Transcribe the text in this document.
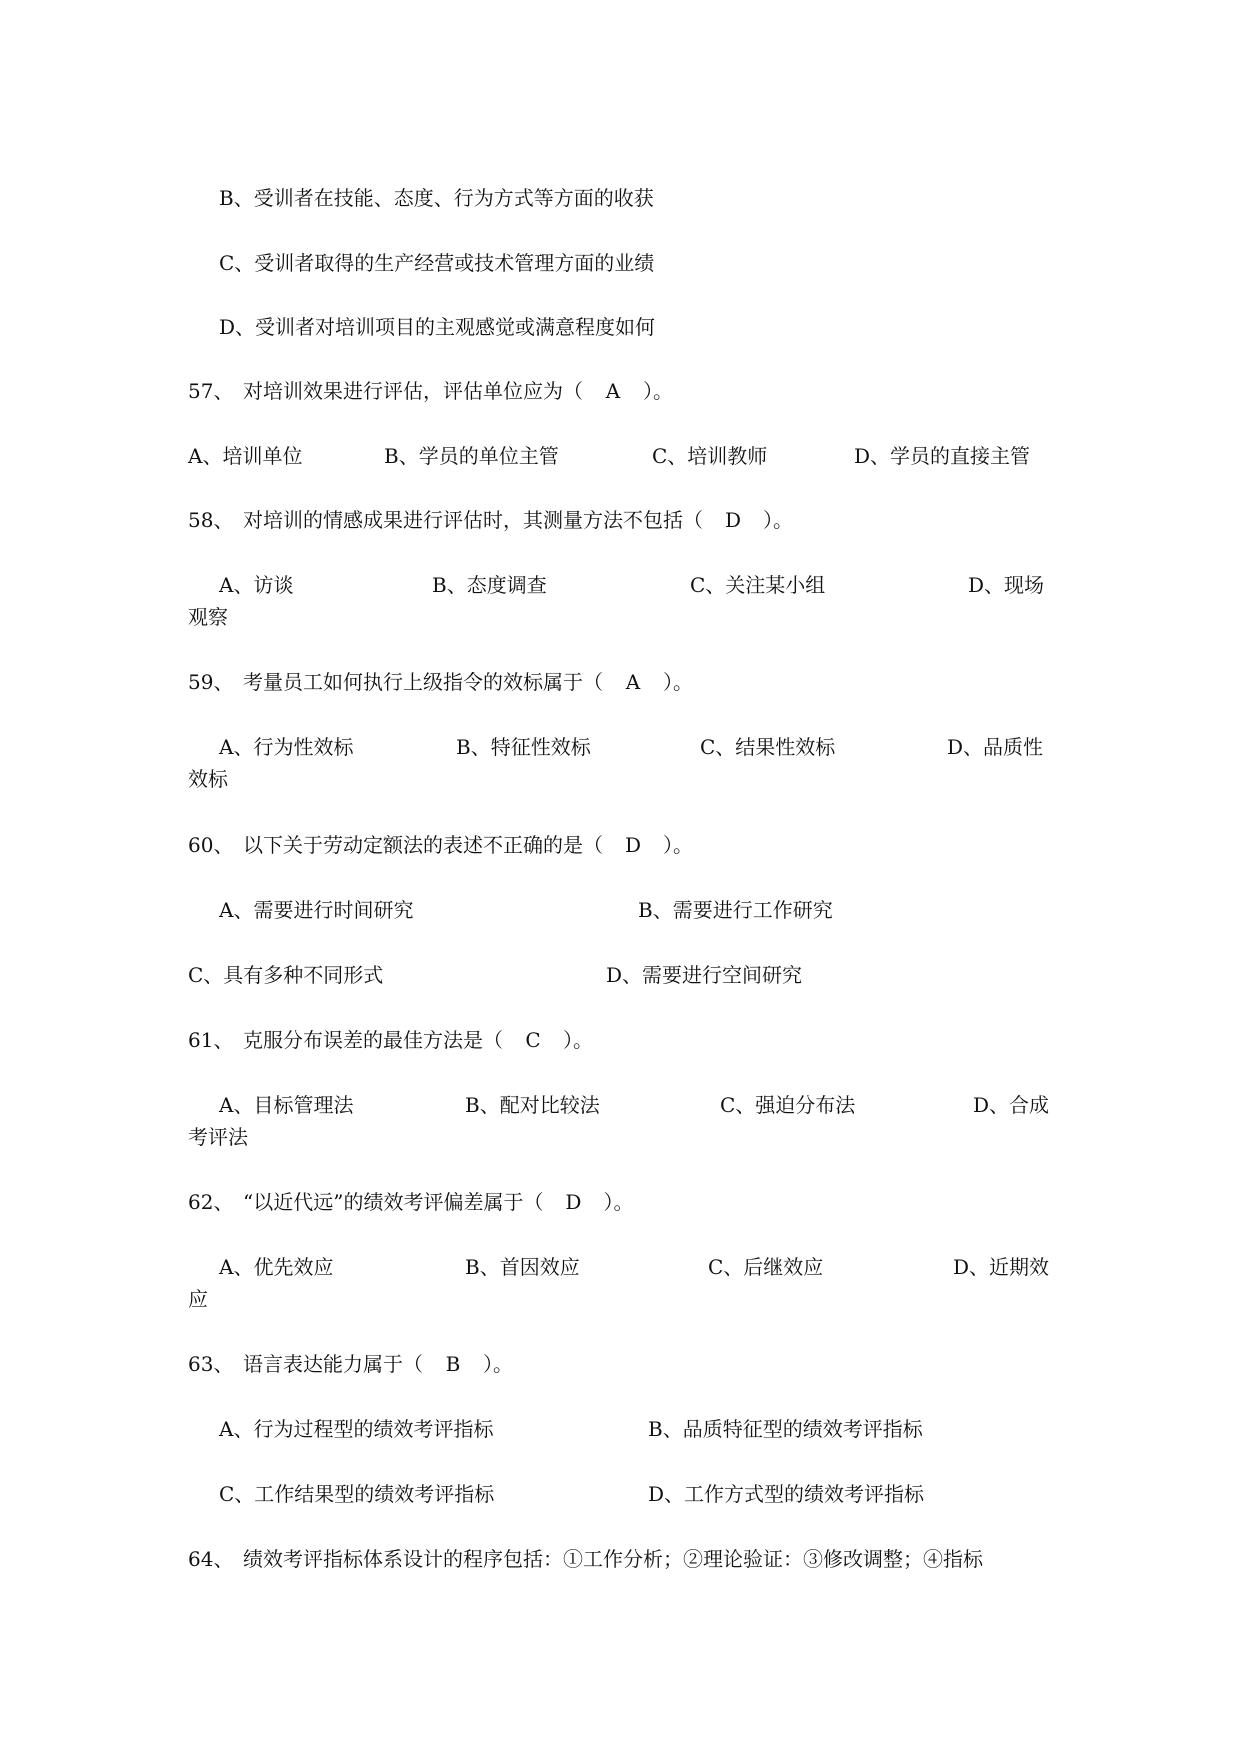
B、受训者在技能、态度、行为方式等方面的收获
C、受训者取得的生产经营或技术管理方面的业绩
D、受训者对培训项目的主观感觉或满意程度如何
57、 对培训效果进行评估，评估单位应为（ A ）。
A、培训单位	B、学员的单位主管	C、培训教师	D、学员的直接主管
58、 对培训的情感成果进行评估时，其测量方法不包括（ D ）。
A、访谈	B、态度调查	C、关注某小组	D、现场
观察
59、 考量员工如何执行上级指令的效标属于（ A ）。
A、行为性效标	B、特征性效标	C、结果性效标	D、品质性
效标
60、 以下关于劳动定额法的表述不正确的是（ D ）。
A、需要进行时间研究	B、需要进行工作研究
C、具有多种不同形式	D、需要进行空间研究
61、 克服分布误差的最佳方法是（ C ）。
A、目标管理法	B、配对比较法	C、强迫分布法	D、合成
考评法
62、 “以近代远”的绩效考评偏差属于（ D ）。
A、优先效应	B、首因效应	C、后继效应	D、近期效
应
63、 语言表达能力属于（ B ）。
A、行为过程型的绩效考评指标	B、品质特征型的绩效考评指标
C、工作结果型的绩效考评指标	D、工作方式型的绩效考评指标
64、 绩效考评指标体系设计的程序包括：①工作分析；②理论验证：③修改调整；④指标
